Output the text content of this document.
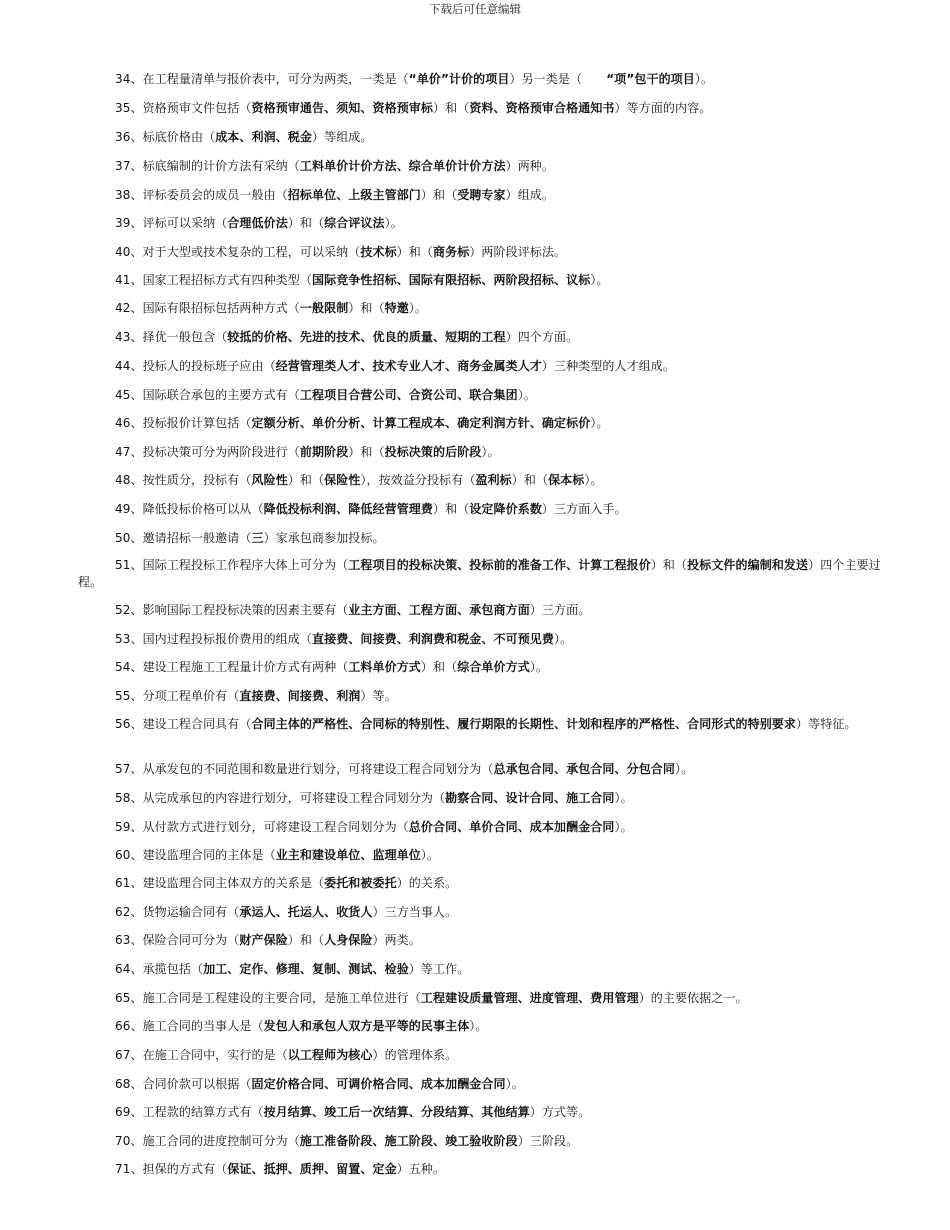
下载后可任意编辑
34、在工程量清单与报价表中，可分为两类，一类是（“单价”计价的项目）另一类是（　　“项”包干的项目）。
35、资格预审文件包括（资格预审通告、须知、资格预审标）和（资料、资格预审合格通知书）等方面的内容。
36、标底价格由（成本、利润、税金）等组成。
37、标底编制的计价方法有采纳（工料单价计价方法、综合单价计价方法）两种。
38、评标委员会的成员一般由（招标单位、上级主管部门）和（受聘专家）组成。
39、评标可以采纳（合理低价法）和（综合评议法）。
40、对于大型或技术复杂的工程，可以采纳（技术标）和（商务标）两阶段评标法。
41、国家工程招标方式有四种类型（国际竞争性招标、国际有限招标、两阶段招标、议标）。
42、国际有限招标包括两种方式（一般限制）和（特邀）。
43、择优一般包含（较抵的价格、先进的技术、优良的质量、短期的工程）四个方面。
44、投标人的投标班子应由（经营管理类人才、技术专业人才、商务金属类人才）三种类型的人才组成。
45、国际联合承包的主要方式有（工程项目合营公司、合资公司、联合集团）。
46、投标报价计算包括（定额分析、单价分析、计算工程成本、确定利润方针、确定标价）。
47、投标决策可分为两阶段进行（前期阶段）和（投标决策的后阶段）。
48、按性质分，投标有（风险性）和（保险性），按效益分投标有（盈利标）和（保本标）。
49、降低投标价格可以从（降低投标利润、降低经营管理费）和（设定降价系数）三方面入手。
50、邀请招标一般邀请（三）家承包商参加投标。
51、国际工程投标工作程序大体上可分为（工程项目的投标决策、投标前的准备工作、计算工程报价）和（投标文件的编制和发送）四个主要过程。
52、影响国际工程投标决策的因素主要有（业主方面、工程方面、承包商方面）三方面。
53、国内过程投标报价费用的组成（直接费、间接费、利润费和税金、不可预见费）。
54、建设工程施工工程量计价方式有两种（工料单价方式）和（综合单价方式）。
55、分项工程单价有（直接费、间接费、利润）等。
56、建设工程合同具有（合同主体的严格性、合同标的特别性、履行期限的长期性、计划和程序的严格性、合同形式的特别要求）等特征。
57、从承发包的不同范围和数量进行划分，可将建设工程合同划分为（总承包合同、承包合同、分包合同）。
58、从完成承包的内容进行划分，可将建设工程合同划分为（勘察合同、设计合同、施工合同）。
59、从付款方式进行划分，可将建设工程合同划分为（总价合同、单价合同、成本加酬金合同）。
60、建设监理合同的主体是（业主和建设单位、监理单位）。
61、建设监理合同主体双方的关系是（委托和被委托）的关系。
62、货物运输合同有（承运人、托运人、收货人）三方当事人。
63、保险合同可分为（财产保险）和（人身保险）两类。
64、承揽包括（加工、定作、修理、复制、测试、检验）等工作。
65、施工合同是工程建设的主要合同，是施工单位进行（工程建设质量管理、进度管理、费用管理）的主要依据之一。
66、施工合同的当事人是（发包人和承包人双方是平等的民事主体）。
67、在施工合同中，实行的是（以工程师为核心）的管理体系。
68、合同价款可以根据（固定价格合同、可调价格合同、成本加酬金合同）。
69、工程款的结算方式有（按月结算、竣工后一次结算、分段结算、其他结算）方式等。
70、施工合同的进度控制可分为（施工准备阶段、施工阶段、竣工验收阶段）三阶段。
71、担保的方式有（保证、抵押、质押、留置、定金）五种。
